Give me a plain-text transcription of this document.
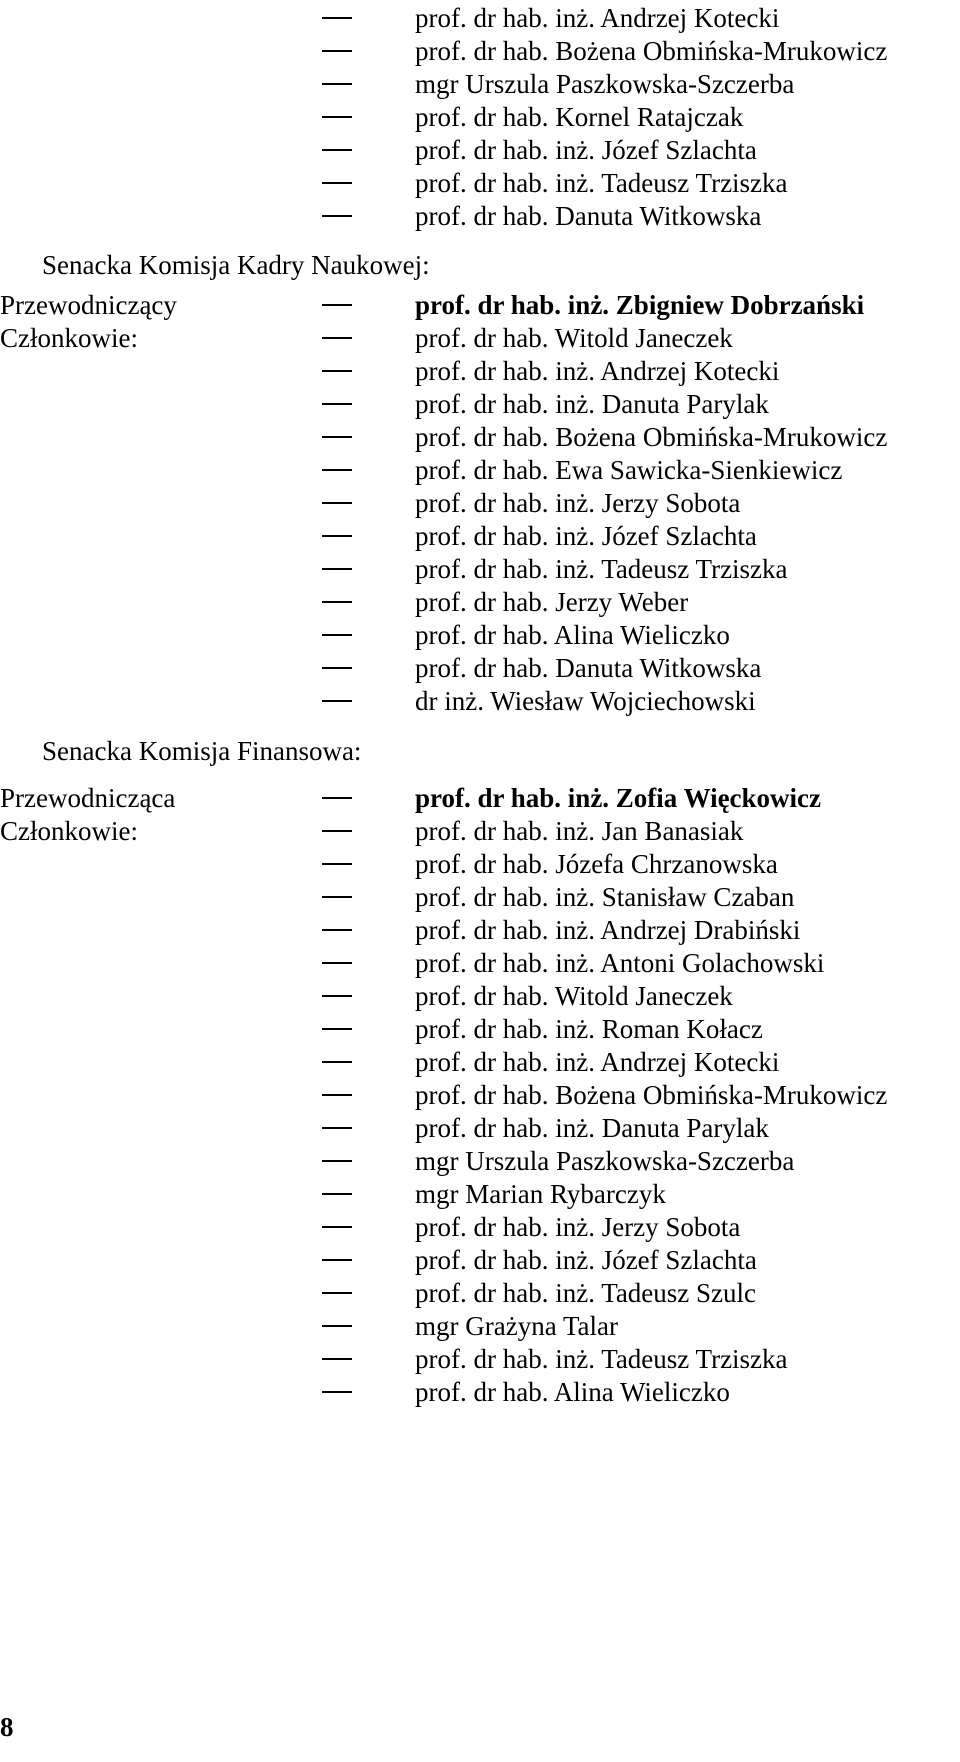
prof. dr hab. inż. Andrzej Kotecki
prof. dr hab. Bożena Obmińska-Mrukowicz
mgr Urszula Paszkowska-Szczerba
prof. dr hab. Kornel Ratajczak
prof. dr hab. inż. Józef Szlachta
prof. dr hab. inż. Tadeusz Trziszka
prof. dr hab. Danuta Witkowska
Senacka Komisja Kadry Naukowej:
Przewodniczący	prof. dr hab. inż. Zbigniew Dobrzański
Członkowie:	prof. dr hab. Witold Janeczek
prof. dr hab. inż. Andrzej Kotecki
prof. dr hab. inż. Danuta Parylak
prof. dr hab. Bożena Obmińska-Mrukowicz
prof. dr hab. Ewa Sawicka-Sienkiewicz
prof. dr hab. inż. Jerzy Sobota
prof. dr hab. inż. Józef Szlachta
prof. dr hab. inż. Tadeusz Trziszka
prof. dr hab. Jerzy Weber
prof. dr hab. Alina Wieliczko
prof. dr hab. Danuta Witkowska
dr inż. Wiesław Wojciechowski
Senacka Komisja Finansowa:
Przewodnicząca	prof. dr hab. inż. Zofia Więckowicz
Członkowie:	prof. dr hab. inż. Jan Banasiak
prof. dr hab. Józefa Chrzanowska
prof. dr hab. inż. Stanisław Czaban
prof. dr hab. inż. Andrzej Drabiński
prof. dr hab. inż. Antoni Golachowski
prof. dr hab. Witold Janeczek
prof. dr hab. inż. Roman Kołacz
prof. dr hab. inż. Andrzej Kotecki
prof. dr hab. Bożena Obmińska-Mrukowicz
prof. dr hab. inż. Danuta Parylak
mgr Urszula Paszkowska-Szczerba
mgr Marian Rybarczyk
prof. dr hab. inż. Jerzy Sobota
prof. dr hab. inż. Józef Szlachta
prof. dr hab. inż. Tadeusz Szulc
mgr Grażyna Talar
prof. dr hab. inż. Tadeusz Trziszka
prof. dr hab. Alina Wieliczko
8
